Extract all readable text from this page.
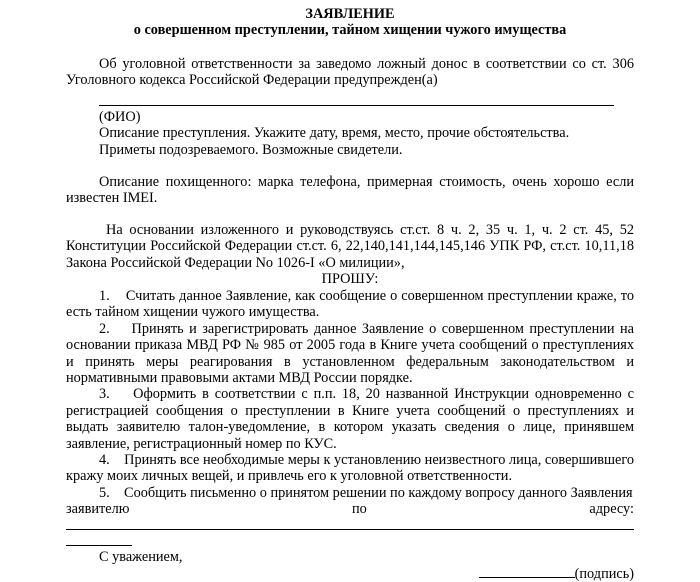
ЗАЯВЛЕНИЕ

о совершенном преступлении, тайном хищении чужого имущества

Об уголовной ответственности за заведомо ложный донос в соответствии со ст. 306 Уголовного кодекса Российской Федерации предупрежден(а)

(ФИО)

Описание преступления. Укажите дату, время, место, прочие обстоятельства.

Приметы подозреваемого. Возможные свидетели.

Описание похищенного: марка телефона, примерная стоимость, очень хорошо если известен IMEI.

На основании изложенного и руководствуясь ст.ст. 8 ч. 2, 35 ч. 1, ч. 2 ст. 45, 52 Конституции Российской Федерации ст.ст. 6, 22,140,141,144,145,146 УПК РФ, ст.ст. 10,11,18 Закона Российской Федерации No 1026-I «О милиции»,

ПРОШУ:

1. Считать данное Заявление, как сообщение о совершенном преступлении краже, то есть тайном хищении чужого имущества.

2. Принять и зарегистрировать данное Заявление о совершенном преступлении на основании приказа МВД РФ № 985 от 2005 года в Книге учета сообщений о преступлениях и принять меры реагирования в установленном федеральным законодательством и нормативными правовыми актами МВД России порядке.

3. Оформить в соответствии с п.п. 18, 20 названной Инструкции одновременно с регистрацией сообщения о преступлении в Книге учета сообщений о преступлениях и выдать заявителю талон-уведомление, в котором указать сведения о лице, принявшем заявление, регистрационный номер по КУС.

4. Принять все необходимые меры к установлению неизвестного лица, совершившего кражу моих личных вещей, и привлечь его к уголовной ответственности.

5. Сообщить письменно о принятом решении по каждому вопросу данного Заявления

заявителю	по	адресу:

С уважением,

(подпись)
